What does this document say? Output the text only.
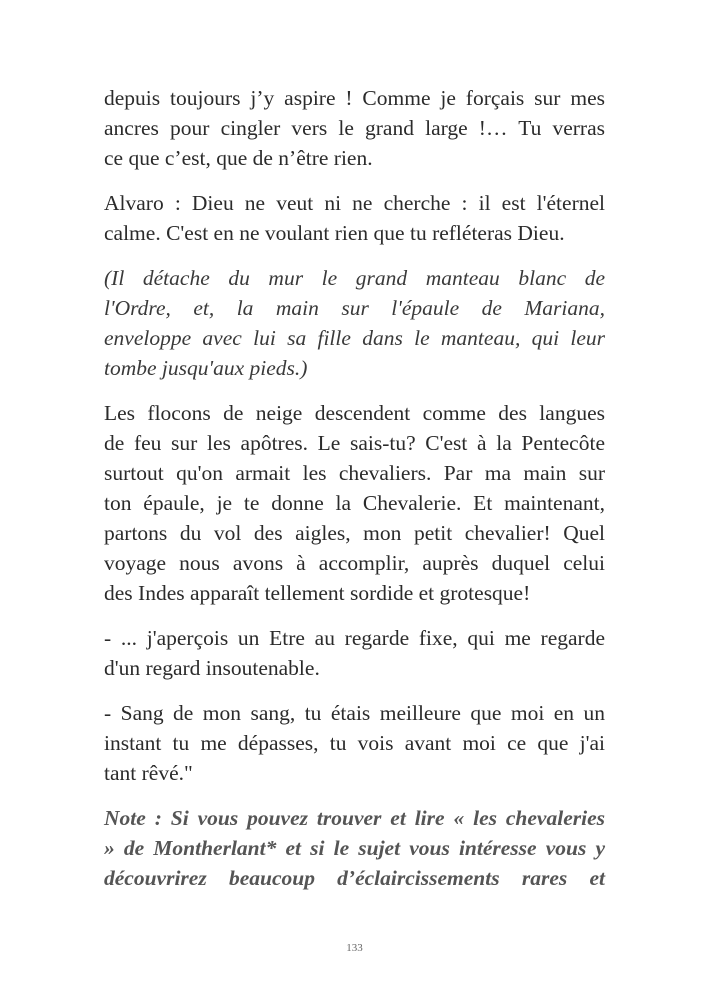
depuis toujours j’y aspire ! Comme je forçais sur mes
ancres pour cingler vers le grand large !… Tu verras
ce que c’est, que de n’être rien.

Alvaro : Dieu ne veut ni ne cherche : il est l'éternel
calme. C'est en ne voulant rien que tu refléteras Dieu.

(Il détache du mur le grand manteau blanc de
l'Ordre, et, la main sur l'épaule de Mariana,
enveloppe avec lui sa fille dans le manteau, qui leur
tombe jusqu'aux pieds.)

Les flocons de neige descendent comme des langues
de feu sur les apôtres. Le sais-tu? C'est à la Pentecôte
surtout qu'on armait les chevaliers. Par ma main sur
ton épaule, je te donne la Chevalerie. Et maintenant,
partons du vol des aigles, mon petit chevalier! Quel
voyage nous avons à accomplir, auprès duquel celui
des Indes apparaît tellement sordide et grotesque!

- ... j'aperçois un Etre au regarde fixe, qui me regarde
d'un regard insoutenable.

- Sang de mon sang, tu étais meilleure que moi en un
instant tu me dépasses, tu vois avant moi ce que j'ai
tant rêvé."

Note : Si vous pouvez trouver et lire « les chevaleries
» de Montherlant* et si le sujet vous intéresse vous y
découvrirez beaucoup d’éclaircissements rares et

133
